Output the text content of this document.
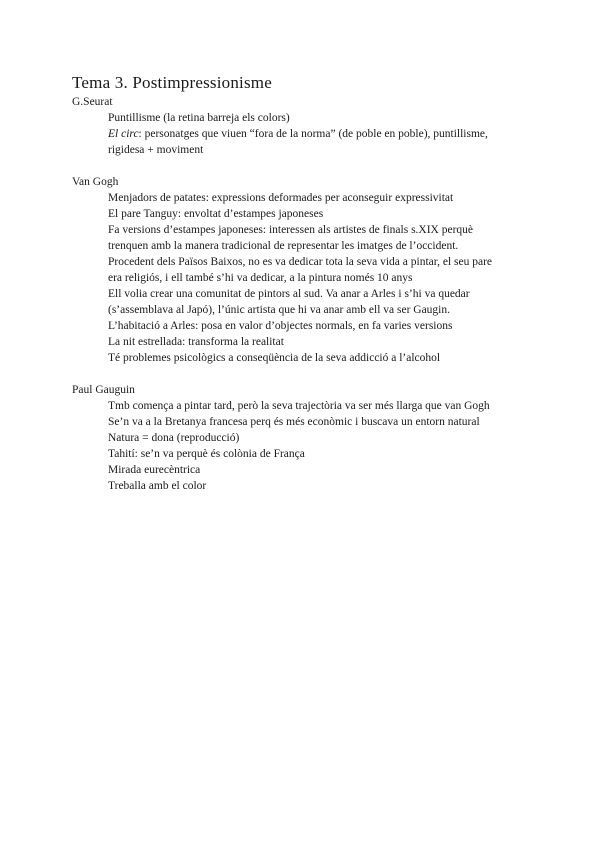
Tema 3. Postimpressionisme

G.Seurat

Puntillisme (la retina barreja els colors)
El circ: personatges que viuen “fora de la norma” (de poble en poble), puntillisme,
rigidesa + moviment

Van Gogh

Menjadors de patates: expressions deformades per aconseguir expressivitat
El pare Tanguy: envoltat d’estampes japoneses
Fa versions d’estampes japoneses: interessen als artistes de finals s.XIX perquè
trenquen amb la manera tradicional de representar les imatges de l’occident.
Procedent dels Països Baixos, no es va dedicar tota la seva vida a pintar, el seu pare
era religiós, i ell també s’hi va dedicar, a la pintura només 10 anys
Ell volia crear una comunitat de pintors al sud. Va anar a Arles i s’hi va quedar
(s’assemblava al Japó), l’únic artista que hi va anar amb ell va ser Gaugin.
L’habitació a Arles: posa en valor d’objectes normals, en fa varies versions
La nit estrellada: transforma la realitat
Té problemes psicològics a conseqüència de la seva addicció a l’alcohol

Paul Gauguin

Tmb comença a pintar tard, però la seva trajectòria va ser més llarga que van Gogh
Se’n va a la Bretanya francesa perq és més econòmic i buscava un entorn natural
Natura = dona (reproducció)
Tahití: se’n va perquè és colònia de França
Mirada eurecèntrica
Treballa amb el color
